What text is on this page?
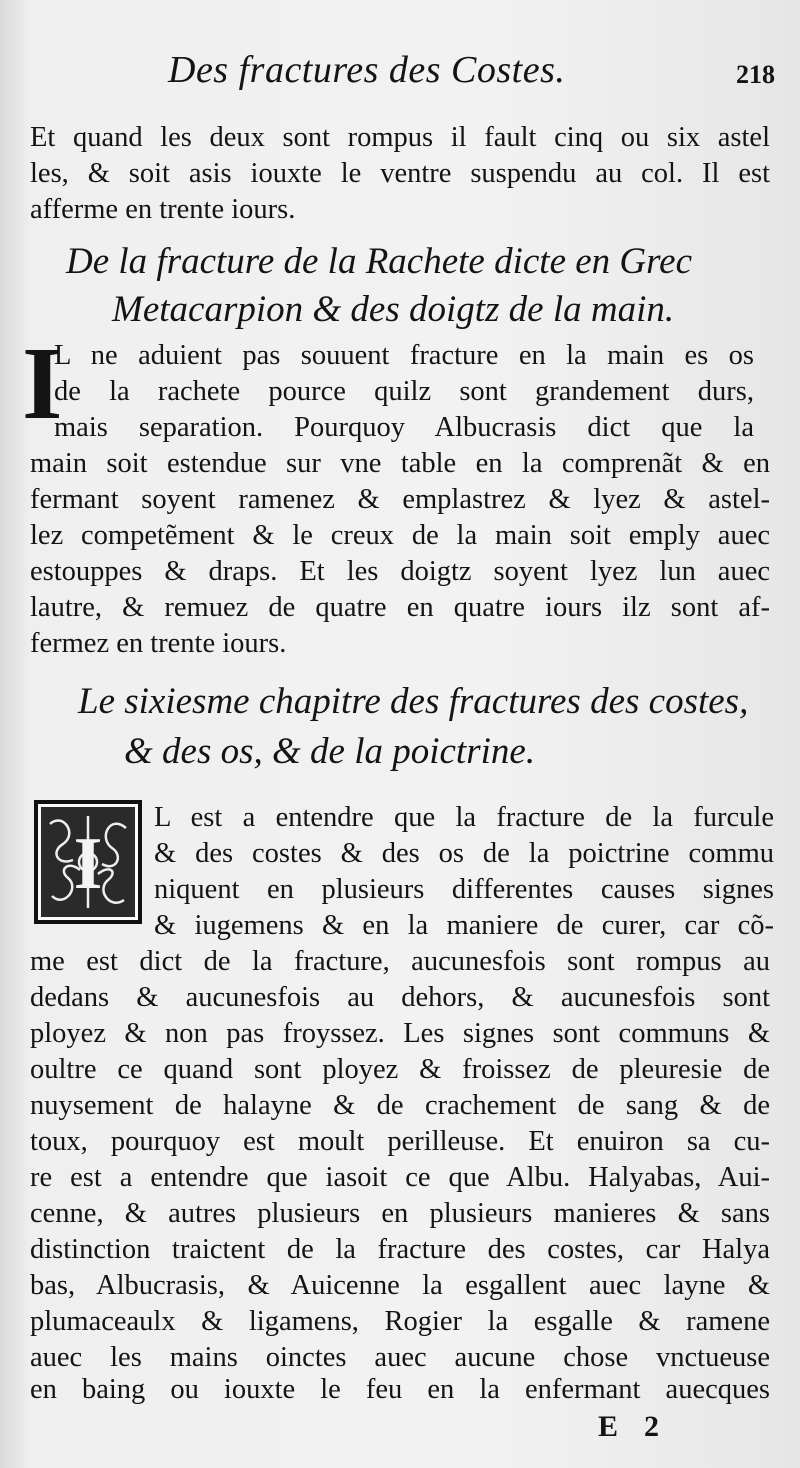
Des fractures des Costes.	218
Et quand les deux sont rompus il fault cinq ou six astel
les, & soit asis iouxte le ventre suspendu au col. Il est
afferme en trente iours.
De la fracture de la Rachete dicte en Grec
Metacarpion & des doigtz de la main.
I
L ne aduient pas souuent fracture en la main es os
de la rachete pource quilz sont grandement durs,
mais separation. Pourquoy Albucrasis dict que la
main soit estendue sur vne table en la comprenãt & en
fermant soyent ramenez & emplastrez & lyez & astel-
lez competẽment & le creux de la main soit emply auec
estouppes & draps. Et les doigtz soyent lyez lun auec
lautre, & remuez de quatre en quatre iours ilz sont af-
fermez en trente iours.
Le sixiesme chapitre des fractures des costes,
& des os, & de la poictrine.
I
L est a entendre que la fracture de la furcule
& des costes & des os de la poictrine commu
niquent en plusieurs differentes causes signes
& iugemens & en la maniere de curer, car cõ-
me est dict de la fracture, aucunesfois sont rompus au
dedans & aucunesfois au dehors, & aucunesfois sont
ployez & non pas froyssez. Les signes sont communs &
oultre ce quand sont ployez & froissez de pleuresie de
nuysement de halayne & de crachement de sang & de
toux, pourquoy est moult perilleuse. Et enuiron sa cu-
re est a entendre que iasoit ce que Albu. Halyabas, Aui-
cenne, & autres plusieurs en plusieurs manieres & sans
distinction traictent de la fracture des costes, car Halya
bas, Albucrasis, & Auicenne la esgallent auec layne &
plumaceaulx & ligamens, Rogier la esgalle & ramene
auec les mains oinctes auec aucune chose vnctueuse
en baing ou iouxte le feu en la enfermant auecques
E 2
